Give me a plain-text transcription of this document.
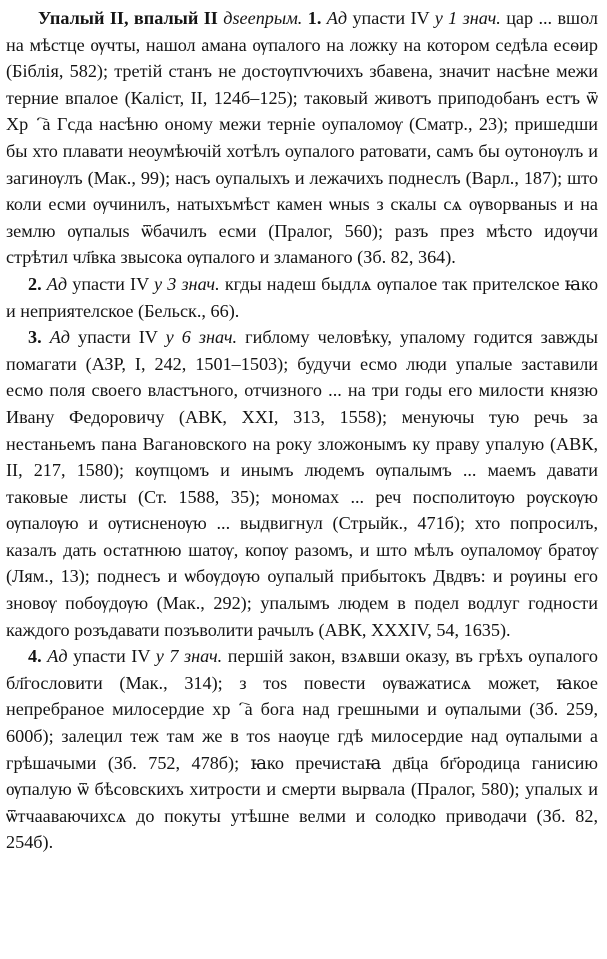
Упалый II, впалый II дѕеепрым. 1. Ад упасти IV у 1 знач. цар ... вшол на мѣстце ѹчты, нашол амана ѹпалого на ложку на котором седѣла есѳир (Біблія, 582); третій станъ не достѹпѵючихъ збавена, значит насѣне межи терние впалое (Каліст, II, 124б–125); таковый животъ приподобанъ естъ ѿ Хрⷭ҇а Гсда насѣню оному межи терніе оупаломѹ (Сматр., 23); пришедши бы хто плавати неоумѣючій хотѣлъ оупалого ратовати, самъ бы оутонѹлъ и загинѹлъ (Мак., 99); насъ оупалыхъ и лежачихъ поднеслъ (Варл., 187); што коли есми ѹчинилъ, натыхъмѣст камен ѡныѕ з скалы сѧ ѹворваныѕ и на землю ѹпалыѕ ѿбачилъ есми (Пралог, 560); разъ през мѣсто идѹчи стрѣтил чл҃вка звысока ѹпалого и зламаного (Зб. 82, 364).

2. Ад упасти IV у 3 знач. кгды надеш быдлѧ ѹпалое так прителское ꙗко и неприятелское (Бельск., 66).

3. Ад упасти IV у 6 знач. гиблому человѣку, упалому годится завжды помагати (АЗР, I, 242, 1501–1503); будучи есмо люди упалые заставили есмо поля своего властъного, отчизного ... на три годы его милости князю Ивану Федоровичу (АВК, XXI, 313, 1558); менуючы тую речь за нестаньемъ пана Вагановского на року зложонымъ ку праву упалую (АВК, II, 217, 1580); кѹпцомъ и инымъ людемъ ѹпалымъ ... маемъ давати таковые листы (Ст. 1588, 35); мономах ... реч посполитѹю рѹскѹю ѹпалѹю и ѹтисненѹю ... выдвигнул (Стрыйк., 471б); хто попросилъ, казалъ дать остатнюю шатѹ, копѹ разомъ, и што мѣлъ оупаломѹ братѹ (Лям., 13); поднесъ и ѡбѹдѹю оупалый прибытокъ Двдвъ: и рѹины его зновѹ побѹдѹю (Мак., 292); упалымъ людем в подел водлуг годности каждого розъдавати позъволити рачылъ (АВК, XXXIV, 54, 1635).

4. Ад упасти IV у 7 знач. першій закон, взѧвши оказу, въ грѣхъ оупалого бл҃гословити (Мак., 314); з тоѕ повести ѹважатисѧ может, ꙗкое непребраное милосердие хрⷭ҇а бога над грешными и ѹпалыми (Зб. 259, 600б); залецил теж там же в тоѕ наѹце гдѣ милосердие над ѹпалыми а грѣшачыми (Зб. 752, 478б); ꙗко пречистаꙗ дв҃ца бг҃ородица ганисию ѹпалую ѿ бѣсовскихъ хитрости и смерти вырвала (Пралог, 580); упалых и ѿтчааваючихсѧ до покуты утѣшне велми и солодко приводачи (Зб. 82, 254б).
